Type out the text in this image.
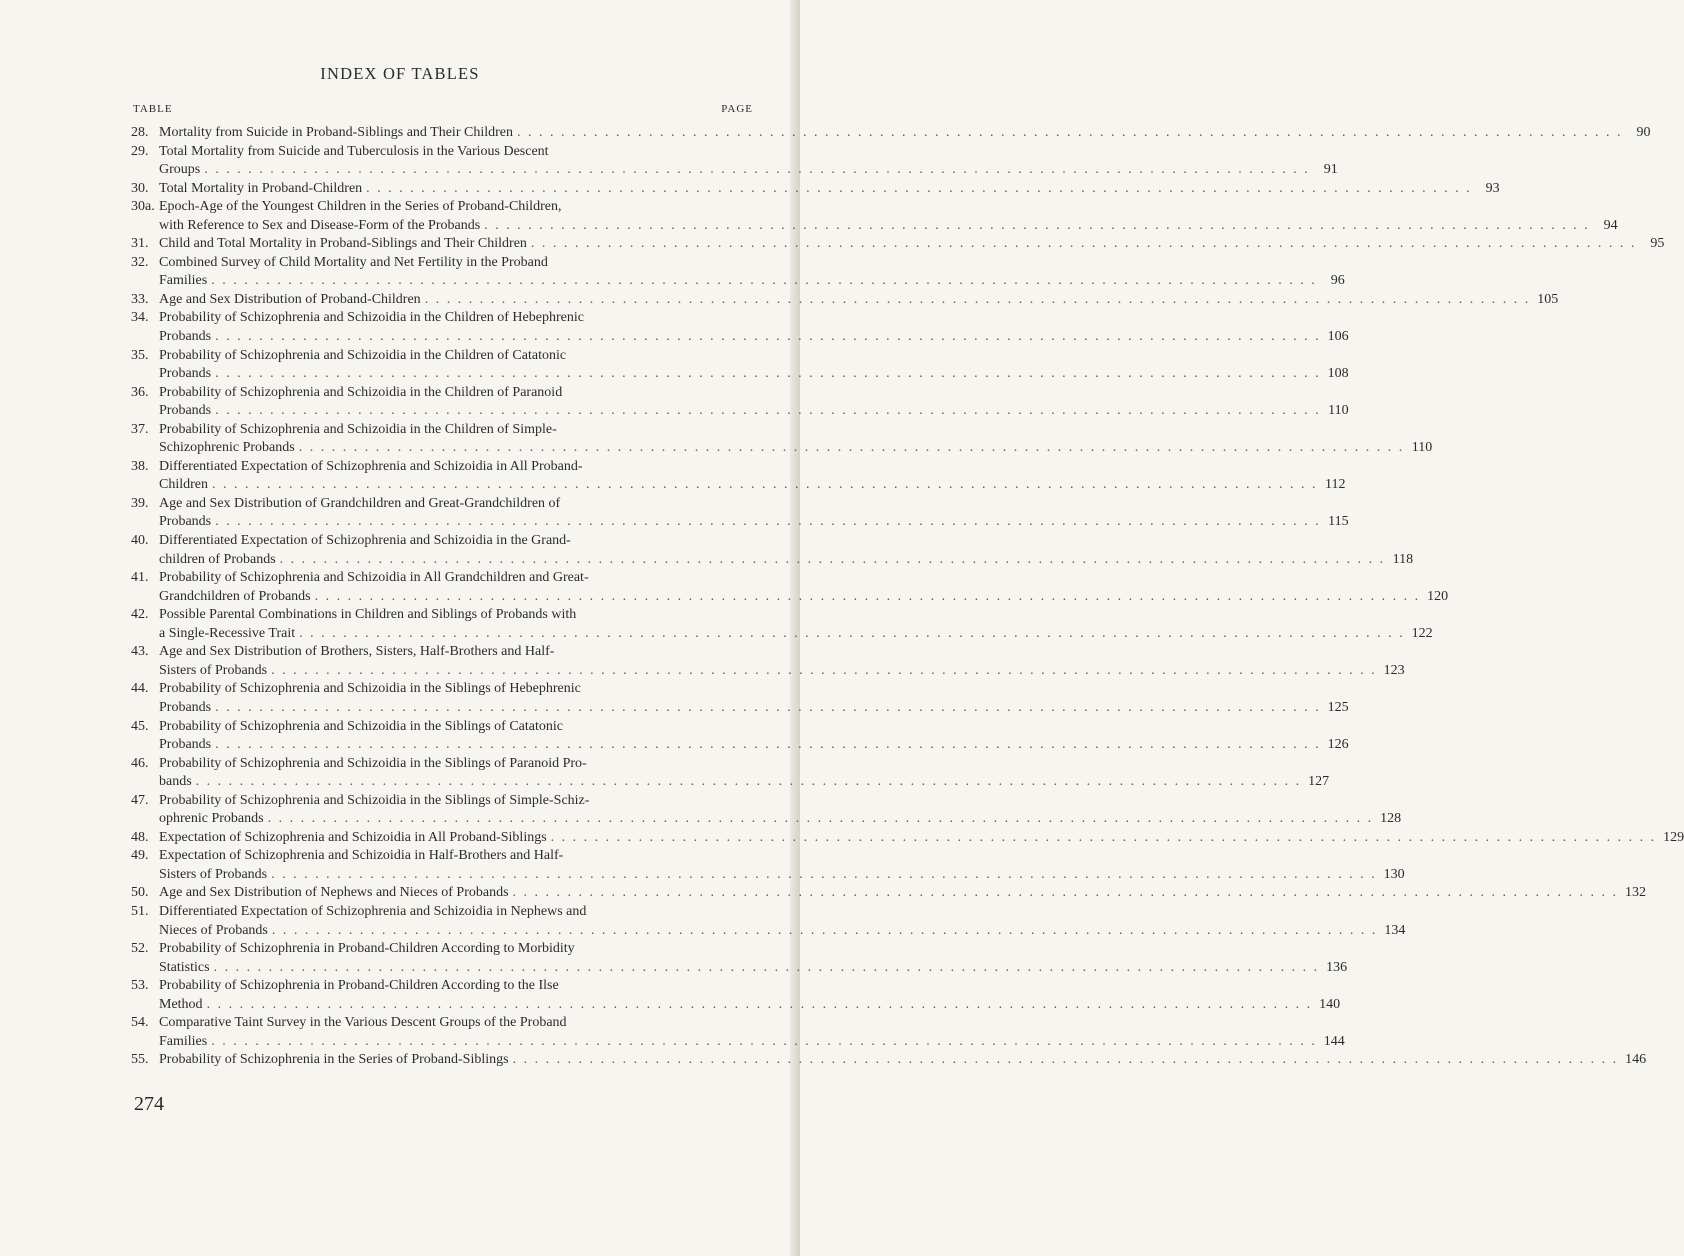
INDEX OF TABLES
TABLE	PAGE
28. Mortality from Suicide in Proband-Siblings and Their Children . . . . . . . . . . . . . . . . . . . . . . . . . . . . . . . . . . . . . . . . . . . . . . . . . . . . . . . . . . . . . . . . . . . . . . . . . . . . . . . . . . . . . . . . . . . . . . . . . . . . .	90
29. Total Mortality from Suicide and Tuberculosis in the Various Descent
Groups . . . . . . . . . . . . . . . . . . . . . . . . . . . . . . . . . . . . . . . . . . . . . . . . . . . . . . . . . . . . . . . . . . . . . . . . . . . . . . . . . . . . . . . . . . . . . . . . . . . . .	91
30. Total Mortality in Proband-Children . . . . . . . . . . . . . . . . . . . . . . . . . . . . . . . . . . . . . . . . . . . . . . . . . . . . . . . . . . . . . . . . . . . . . . . . . . . . . . . . . . . . . . . . . . . . . . . . . . . . .	93
30a. Epoch-Age of the Youngest Children in the Series of Proband-Children,
with Reference to Sex and Disease-Form of the Probands . . . . . . . . . . . . . . . . . . . . . . . . . . . . . . . . . . . . . . . . . . . . . . . . . . . . . . . . . . . . . . . . . . . . . . . . . . . . . . . . . . . . . . . . . . . . . . . . . . . . .	94
31. Child and Total Mortality in Proband-Siblings and Their Children . . . . . . . . . . . . . . . . . . . . . . . . . . . . . . . . . . . . . . . . . . . . . . . . . . . . . . . . . . . . . . . . . . . . . . . . . . . . . . . . . . . . . . . . . . . . . . . . . . . . .	95
32. Combined Survey of Child Mortality and Net Fertility in the Proband
Families . . . . . . . . . . . . . . . . . . . . . . . . . . . . . . . . . . . . . . . . . . . . . . . . . . . . . . . . . . . . . . . . . . . . . . . . . . . . . . . . . . . . . . . . . . . . . . . . . . . . .	96
33. Age and Sex Distribution of Proband-Children . . . . . . . . . . . . . . . . . . . . . . . . . . . . . . . . . . . . . . . . . . . . . . . . . . . . . . . . . . . . . . . . . . . . . . . . . . . . . . . . . . . . . . . . . . . . . . . . . . . . . 105
34. Probability of Schizophrenia and Schizoidia in the Children of Hebephrenic
Probands . . . . . . . . . . . . . . . . . . . . . . . . . . . . . . . . . . . . . . . . . . . . . . . . . . . . . . . . . . . . . . . . . . . . . . . . . . . . . . . . . . . . . . . . . . . . . . . . . . . . . 106
35. Probability of Schizophrenia and Schizoidia in the Children of Catatonic
Probands . . . . . . . . . . . . . . . . . . . . . . . . . . . . . . . . . . . . . . . . . . . . . . . . . . . . . . . . . . . . . . . . . . . . . . . . . . . . . . . . . . . . . . . . . . . . . . . . . . . . . 108
36. Probability of Schizophrenia and Schizoidia in the Children of Paranoid
Probands . . . . . . . . . . . . . . . . . . . . . . . . . . . . . . . . . . . . . . . . . . . . . . . . . . . . . . . . . . . . . . . . . . . . . . . . . . . . . . . . . . . . . . . . . . . . . . . . . . . . . 110
37. Probability of Schizophrenia and Schizoidia in the Children of Simple-
Schizophrenic Probands . . . . . . . . . . . . . . . . . . . . . . . . . . . . . . . . . . . . . . . . . . . . . . . . . . . . . . . . . . . . . . . . . . . . . . . . . . . . . . . . . . . . . . . . . . . . . . . . . . . . . 110
38. Differentiated Expectation of Schizophrenia and Schizoidia in All Proband-
Children . . . . . . . . . . . . . . . . . . . . . . . . . . . . . . . . . . . . . . . . . . . . . . . . . . . . . . . . . . . . . . . . . . . . . . . . . . . . . . . . . . . . . . . . . . . . . . . . . . . . . 112
39. Age and Sex Distribution of Grandchildren and Great-Grandchildren of
Probands . . . . . . . . . . . . . . . . . . . . . . . . . . . . . . . . . . . . . . . . . . . . . . . . . . . . . . . . . . . . . . . . . . . . . . . . . . . . . . . . . . . . . . . . . . . . . . . . . . . . . 115
40. Differentiated Expectation of Schizophrenia and Schizoidia in the Grand-
children of Probands . . . . . . . . . . . . . . . . . . . . . . . . . . . . . . . . . . . . . . . . . . . . . . . . . . . . . . . . . . . . . . . . . . . . . . . . . . . . . . . . . . . . . . . . . . . . . . . . . . . . . 118
41. Probability of Schizophrenia and Schizoidia in All Grandchildren and Great-
Grandchildren of Probands . . . . . . . . . . . . . . . . . . . . . . . . . . . . . . . . . . . . . . . . . . . . . . . . . . . . . . . . . . . . . . . . . . . . . . . . . . . . . . . . . . . . . . . . . . . . . . . . . . . . . 120
42. Possible Parental Combinations in Children and Siblings of Probands with
a Single-Recessive Trait . . . . . . . . . . . . . . . . . . . . . . . . . . . . . . . . . . . . . . . . . . . . . . . . . . . . . . . . . . . . . . . . . . . . . . . . . . . . . . . . . . . . . . . . . . . . . . . . . . . . . 122
43. Age and Sex Distribution of Brothers, Sisters, Half-Brothers and Half-
Sisters of Probands . . . . . . . . . . . . . . . . . . . . . . . . . . . . . . . . . . . . . . . . . . . . . . . . . . . . . . . . . . . . . . . . . . . . . . . . . . . . . . . . . . . . . . . . . . . . . . . . . . . . . 123
44. Probability of Schizophrenia and Schizoidia in the Siblings of Hebephrenic
Probands . . . . . . . . . . . . . . . . . . . . . . . . . . . . . . . . . . . . . . . . . . . . . . . . . . . . . . . . . . . . . . . . . . . . . . . . . . . . . . . . . . . . . . . . . . . . . . . . . . . . . 125
45. Probability of Schizophrenia and Schizoidia in the Siblings of Catatonic
Probands . . . . . . . . . . . . . . . . . . . . . . . . . . . . . . . . . . . . . . . . . . . . . . . . . . . . . . . . . . . . . . . . . . . . . . . . . . . . . . . . . . . . . . . . . . . . . . . . . . . . . 126
46. Probability of Schizophrenia and Schizoidia in the Siblings of Paranoid Pro-
bands . . . . . . . . . . . . . . . . . . . . . . . . . . . . . . . . . . . . . . . . . . . . . . . . . . . . . . . . . . . . . . . . . . . . . . . . . . . . . . . . . . . . . . . . . . . . . . . . . . . . . 127
47. Probability of Schizophrenia and Schizoidia in the Siblings of Simple-Schiz-
ophrenic Probands . . . . . . . . . . . . . . . . . . . . . . . . . . . . . . . . . . . . . . . . . . . . . . . . . . . . . . . . . . . . . . . . . . . . . . . . . . . . . . . . . . . . . . . . . . . . . . . . . . . . . 128
48. Expectation of Schizophrenia and Schizoidia in All Proband-Siblings . . . . . . . . . . . . . . . . . . . . . . . . . . . . . . . . . . . . . . . . . . . . . . . . . . . . . . . . . . . . . . . . . . . . . . . . . . . . . . . . . . . . . . . . . . . . . . . . . . . . . 129
49. Expectation of Schizophrenia and Schizoidia in Half-Brothers and Half-
Sisters of Probands . . . . . . . . . . . . . . . . . . . . . . . . . . . . . . . . . . . . . . . . . . . . . . . . . . . . . . . . . . . . . . . . . . . . . . . . . . . . . . . . . . . . . . . . . . . . . . . . . . . . . 130
50. Age and Sex Distribution of Nephews and Nieces of Probands . . . . . . . . . . . . . . . . . . . . . . . . . . . . . . . . . . . . . . . . . . . . . . . . . . . . . . . . . . . . . . . . . . . . . . . . . . . . . . . . . . . . . . . . . . . . . . . . . . . . . 132
51. Differentiated Expectation of Schizophrenia and Schizoidia in Nephews and
Nieces of Probands . . . . . . . . . . . . . . . . . . . . . . . . . . . . . . . . . . . . . . . . . . . . . . . . . . . . . . . . . . . . . . . . . . . . . . . . . . . . . . . . . . . . . . . . . . . . . . . . . . . . . 134
52. Probability of Schizophrenia in Proband-Children According to Morbidity
Statistics . . . . . . . . . . . . . . . . . . . . . . . . . . . . . . . . . . . . . . . . . . . . . . . . . . . . . . . . . . . . . . . . . . . . . . . . . . . . . . . . . . . . . . . . . . . . . . . . . . . . . 136
53. Probability of Schizophrenia in Proband-Children According to the Ilse
Method . . . . . . . . . . . . . . . . . . . . . . . . . . . . . . . . . . . . . . . . . . . . . . . . . . . . . . . . . . . . . . . . . . . . . . . . . . . . . . . . . . . . . . . . . . . . . . . . . . . . . 140
54. Comparative Taint Survey in the Various Descent Groups of the Proband
Families . . . . . . . . . . . . . . . . . . . . . . . . . . . . . . . . . . . . . . . . . . . . . . . . . . . . . . . . . . . . . . . . . . . . . . . . . . . . . . . . . . . . . . . . . . . . . . . . . . . . . 144
55. Probability of Schizophrenia in the Series of Proband-Siblings . . . . . . . . . . . . . . . . . . . . . . . . . . . . . . . . . . . . . . . . . . . . . . . . . . . . . . . . . . . . . . . . . . . . . . . . . . . . . . . . . . . . . . . . . . . . . . . . . . . . . 146
274
